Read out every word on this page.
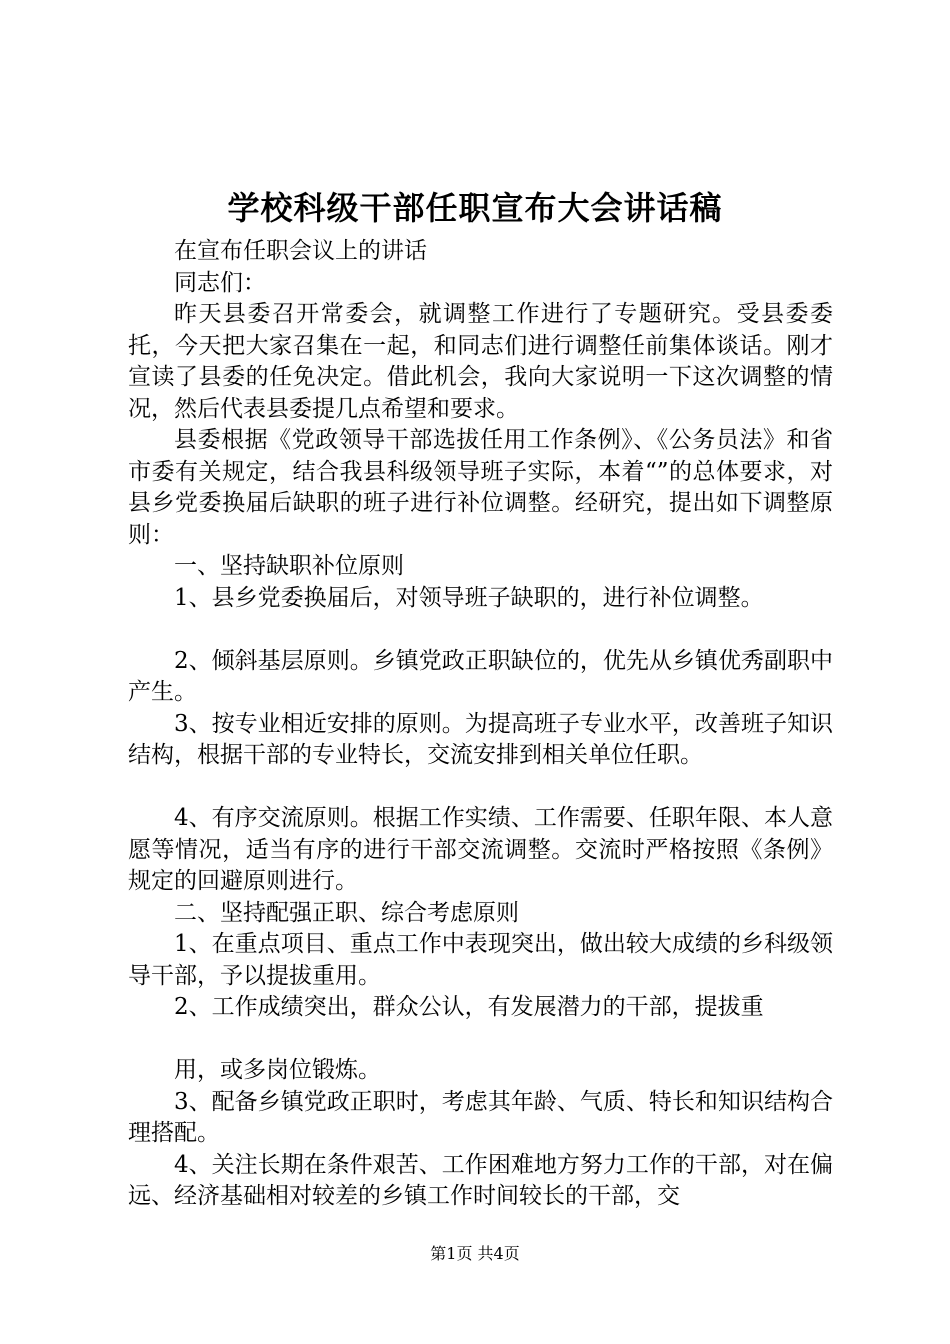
学校科级干部任职宣布大会讲话稿

在宣布任职会议上的讲话

同志们：

昨天县委召开常委会，就调整工作进行了专题研究。受县委委托，今天把大家召集在一起，和同志们进行调整任前集体谈话。刚才宣读了县委的任免决定。借此机会，我向大家说明一下这次调整的情况，然后代表县委提几点希望和要求。

县委根据《党政领导干部选拔任用工作条例》、《公务员法》和省市委有关规定，结合我县科级领导班子实际，本着“”的总体要求，对县乡党委换届后缺职的班子进行补位调整。经研究，提出如下调整原则：

一、坚持缺职补位原则

1、县乡党委换届后，对领导班子缺职的，进行补位调整。

2、倾斜基层原则。乡镇党政正职缺位的，优先从乡镇优秀副职中产生。

3、按专业相近安排的原则。为提高班子专业水平，改善班子知识结构，根据干部的专业特长，交流安排到相关单位任职。

4、有序交流原则。根据工作实绩、工作需要、任职年限、本人意愿等情况，适当有序的进行干部交流调整。交流时严格按照《条例》规定的回避原则进行。

二、坚持配强正职、综合考虑原则

1、在重点项目、重点工作中表现突出，做出较大成绩的乡科级领导干部，予以提拔重用。

2、工作成绩突出，群众公认，有发展潜力的干部，提拔重

用，或多岗位锻炼。

3、配备乡镇党政正职时，考虑其年龄、气质、特长和知识结构合理搭配。

4、关注长期在条件艰苦、工作困难地方努力工作的干部，对在偏远、经济基础相对较差的乡镇工作时间较长的干部，交

第1页 共4页
